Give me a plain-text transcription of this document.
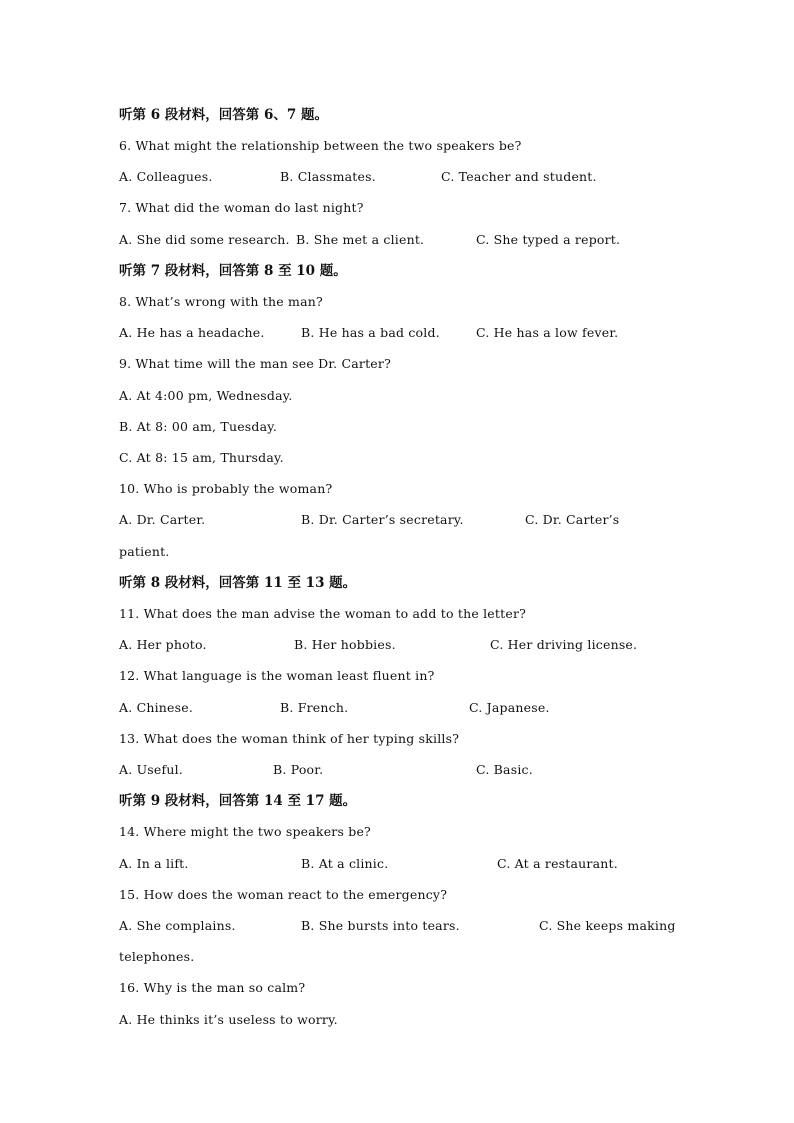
听第 6 段材料，回答第 6、7 题。
6. What might the relationship between the two speakers be?
A. Colleagues.	B. Classmates.	C. Teacher and student.
7. What did the woman do last night?
A. She did some research. B. She met a client.	C. She typed a report.
听第 7 段材料，回答第 8 至 10 题。
8. What’s wrong with the man?
A. He has a headache.	B. He has a bad cold.	C. He has a low fever.
9. What time will the man see Dr. Carter?
A. At 4:00 pm, Wednesday.
B. At 8: 00 am, Tuesday.
C. At 8: 15 am, Thursday.
10. Who is probably the woman?
A. Dr. Carter.	B. Dr. Carter’s secretary.	C. Dr. Carter’s
patient.
听第 8 段材料，回答第 11 至 13 题。
11. What does the man advise the woman to add to the letter?
A. Her photo.	B. Her hobbies.	C. Her driving license.
12. What language is the woman least fluent in?
A. Chinese.	B. French.	C. Japanese.
13. What does the woman think of her typing skills?
A. Useful.	B. Poor.	C. Basic.
听第 9 段材料，回答第 14 至 17 题。
14. Where might the two speakers be?
A. In a lift.	B. At a clinic.	C. At a restaurant.
15. How does the woman react to the emergency?
A. She complains.	B. She bursts into tears.	C. She keeps making
telephones.
16. Why is the man so calm?
A. He thinks it’s useless to worry.
